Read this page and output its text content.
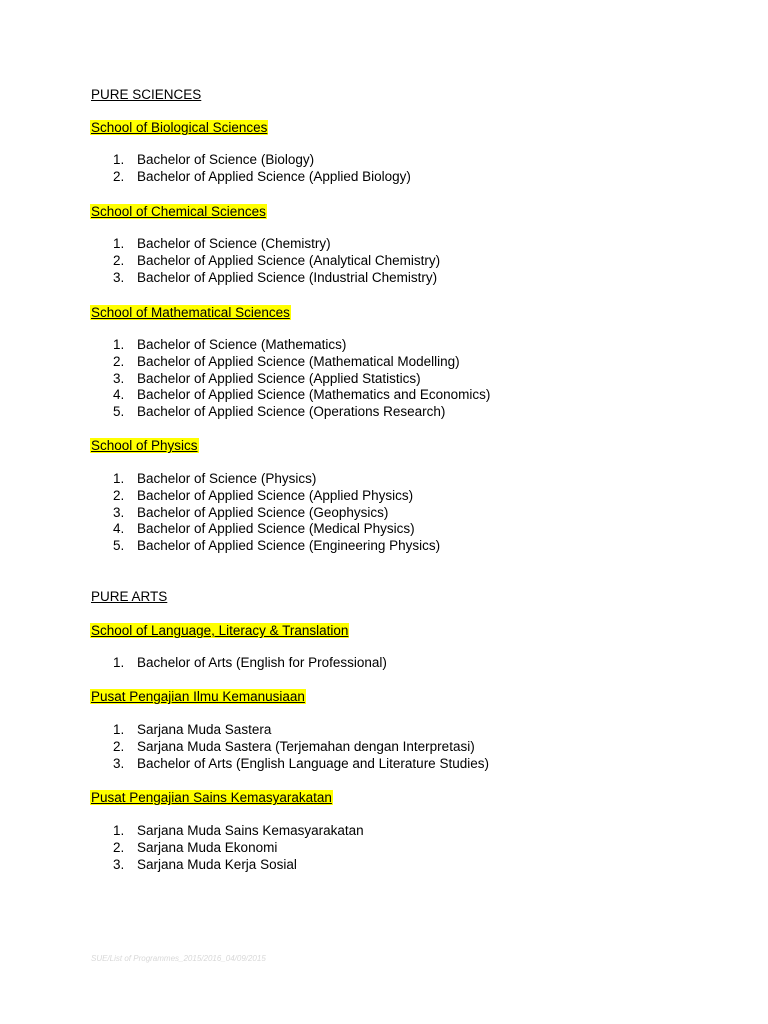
PURE SCIENCES
School of Biological Sciences
1. Bachelor of Science (Biology)
2. Bachelor of Applied Science (Applied Biology)
School of Chemical Sciences
1. Bachelor of Science (Chemistry)
2. Bachelor of Applied Science (Analytical Chemistry)
3. Bachelor of Applied Science (Industrial Chemistry)
School of Mathematical Sciences
1. Bachelor of Science (Mathematics)
2. Bachelor of Applied Science (Mathematical Modelling)
3. Bachelor of Applied Science (Applied Statistics)
4. Bachelor of Applied Science (Mathematics and Economics)
5. Bachelor of Applied Science (Operations Research)
School of Physics
1. Bachelor of Science (Physics)
2. Bachelor of Applied Science (Applied Physics)
3. Bachelor of Applied Science (Geophysics)
4. Bachelor of Applied Science (Medical Physics)
5. Bachelor of Applied Science (Engineering Physics)
PURE ARTS
School of Language, Literacy & Translation
1. Bachelor of Arts (English for Professional)
Pusat Pengajian Ilmu Kemanusiaan
1. Sarjana Muda Sastera
2. Sarjana Muda Sastera (Terjemahan dengan Interpretasi)
3. Bachelor of Arts (English Language and Literature Studies)
Pusat Pengajian Sains Kemasyarakatan
1. Sarjana Muda Sains Kemasyarakatan
2. Sarjana Muda Ekonomi
3. Sarjana Muda Kerja Sosial
SUE/List of Programmes_2015/2016_04/09/2015
